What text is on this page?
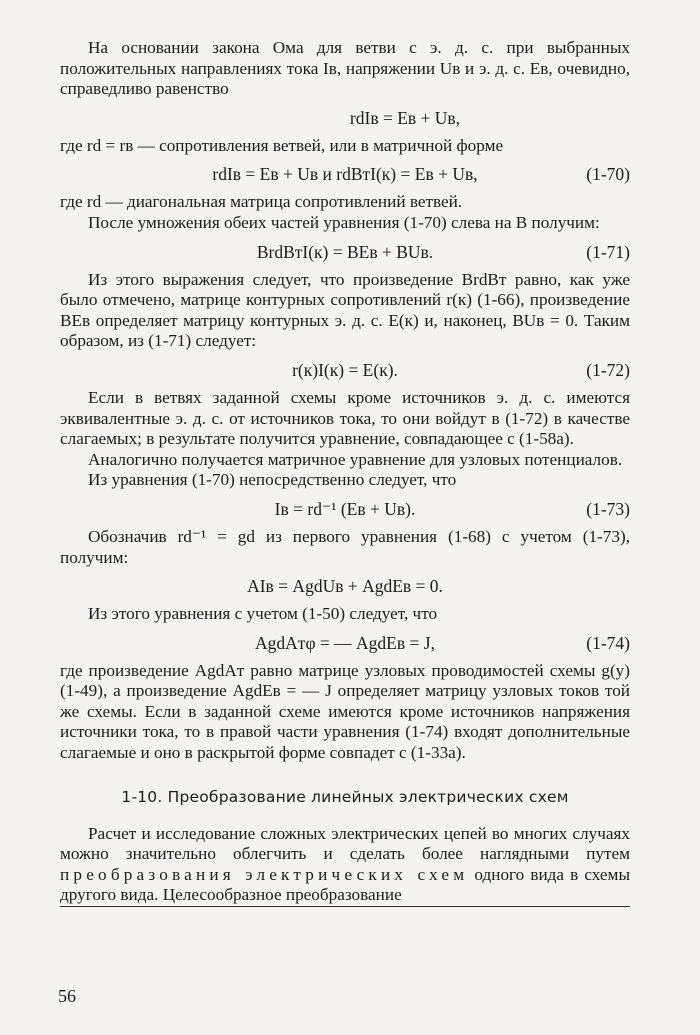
На основании закона Ома для ветви с э. д. с. при выбранных положительных направлениях тока Iв, напряжении Uв и э. д. с. Eв, очевидно, справедливо равенство

rdIв = Eв + Uв,

где rd = rв — сопротивления ветвей, или в матричной форме

rdIв = Eв + Uв и rdBтI(к) = Eв + Uв,	(1-70)

где rd — диагональная матрица сопротивлений ветвей.

После умножения обеих частей уравнения (1-70) слева на B получим:

BrdBтI(к) = BEв + BUв.	(1-71)

Из этого выражения следует, что произведение BrdBт равно, как уже было отмечено, матрице контурных сопротивлений r(к) (1-66), произведение BEв определяет матрицу контурных э. д. с. E(к) и, наконец, BUв = 0. Таким образом, из (1-71) следует:

r(к)I(к) = E(к).	(1-72)

Если в ветвях заданной схемы кроме источников э. д. с. имеются эквивалентные э. д. с. от источников тока, то они войдут в (1-72) в качестве слагаемых; в результате получится уравнение, совпадающее с (1-58а).

Аналогично получается матричное уравнение для узловых потенциалов.

Из уравнения (1-70) непосредственно следует, что

Iв = rd⁻¹ (Eв + Uв).	(1-73)

Обозначив rd⁻¹ = gd из первого уравнения (1-68) с учетом (1-73), получим:

AIв = AgdUв + AgdEв = 0.

Из этого уравнения с учетом (1-50) следует, что

AgdAтφ = — AgdEв = J,	(1-74)

где произведение AgdAт равно матрице узловых проводимостей схемы g(у) (1-49), а произведение AgdEв = — J определяет матрицу узловых токов той же схемы. Если в заданной схеме имеются кроме источников напряжения источники тока, то в правой части уравнения (1-74) входят дополнительные слагаемые и оно в раскрытой форме совпадет с (1-33а).

1-10. Преобразование линейных электрических схем

Расчет и исследование сложных электрических цепей во многих случаях можно значительно облегчить и сделать более наглядными путем преобразования электрических схем одного вида в схемы другого вида. Целесообразное преобразование

56
